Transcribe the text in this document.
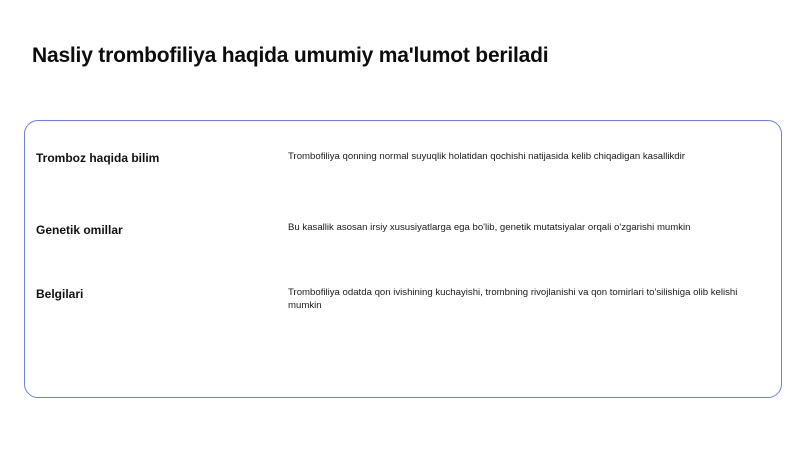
Nasliy trombofiliya haqida umumiy ma'lumot beriladi
Tromboz haqida bilim	Trombofiliya qonning normal suyuqlik holatidan qochishi natijasida kelib chiqadigan kasallikdir
Genetik omillar	Bu kasallik asosan irsiy xususiyatlarga ega bo'lib, genetik mutatsiyalar orqali o'zgarishi mumkin
Belgilari	Trombofiliya odatda qon ivishining kuchayishi, trombning rivojlanishi va qon tomirlari to'silishiga olib kelishi mumkin
